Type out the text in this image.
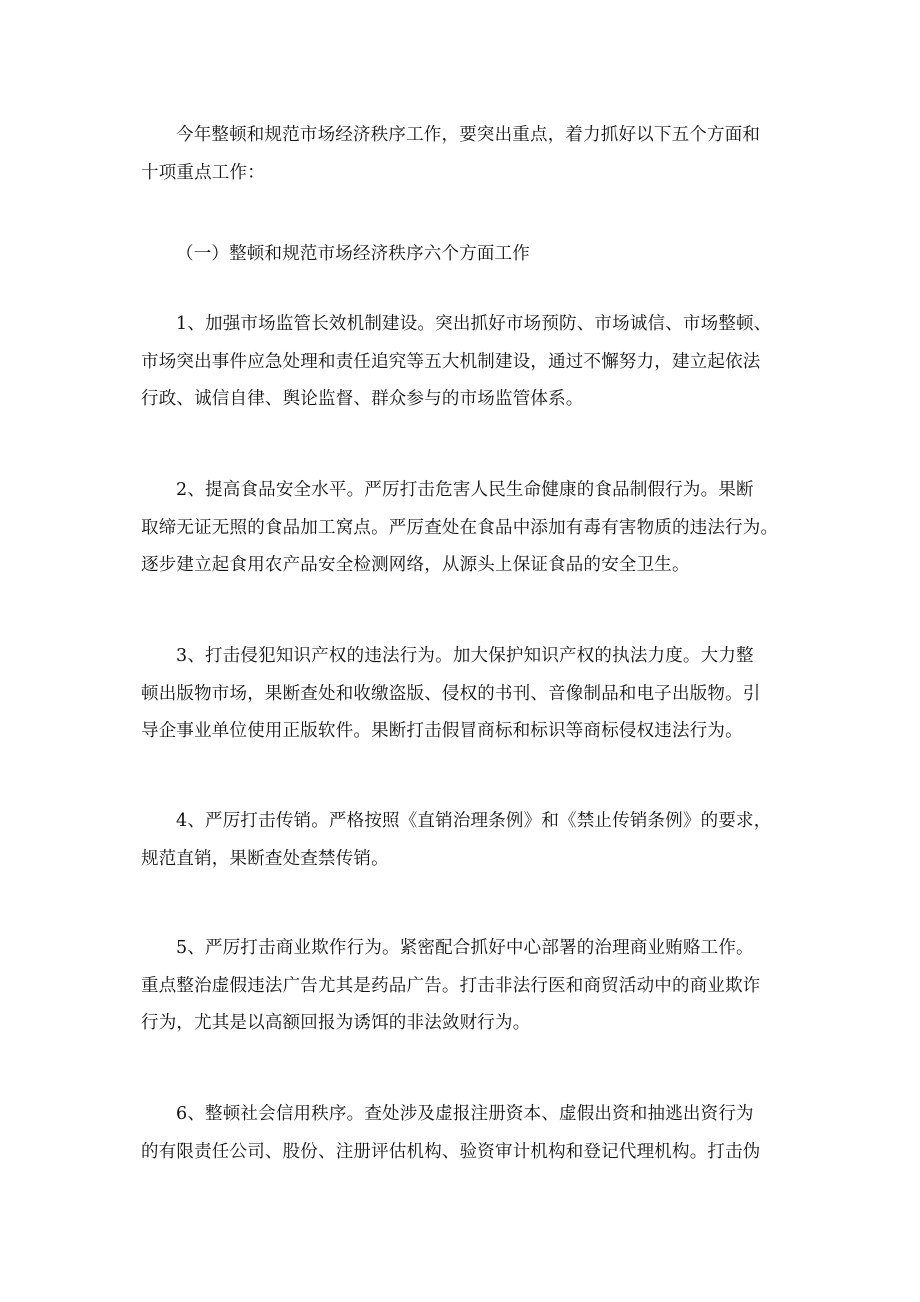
今年整顿和规范市场经济秩序工作，要突出重点，着力抓好以下五个方面和
十项重点工作：

（一）整顿和规范市场经济秩序六个方面工作

1、加强市场监管长效机制建设。突出抓好市场预防、市场诚信、市场整顿、
市场突出事件应急处理和责任追究等五大机制建设，通过不懈努力，建立起依法
行政、诚信自律、舆论监督、群众参与的市场监管体系。

2、提高食品安全水平。严厉打击危害人民生命健康的食品制假行为。果断
取缔无证无照的食品加工窝点。严厉查处在食品中添加有毒有害物质的违法行为。
逐步建立起食用农产品安全检测网络，从源头上保证食品的安全卫生。

3、打击侵犯知识产权的违法行为。加大保护知识产权的执法力度。大力整
顿出版物市场，果断查处和收缴盗版、侵权的书刊、音像制品和电子出版物。引
导企事业单位使用正版软件。果断打击假冒商标和标识等商标侵权违法行为。

4、严厉打击传销。严格按照《直销治理条例》和《禁止传销条例》的要求，
规范直销，果断查处查禁传销。

5、严厉打击商业欺作行为。紧密配合抓好中心部署的治理商业贿赂工作。
重点整治虚假违法广告尤其是药品广告。打击非法行医和商贸活动中的商业欺诈
行为，尤其是以高额回报为诱饵的非法敛财行为。

6、整顿社会信用秩序。查处涉及虚报注册资本、虚假出资和抽逃出资行为
的有限责任公司、股份、注册评估机构、验资审计机构和登记代理机构。打击伪
